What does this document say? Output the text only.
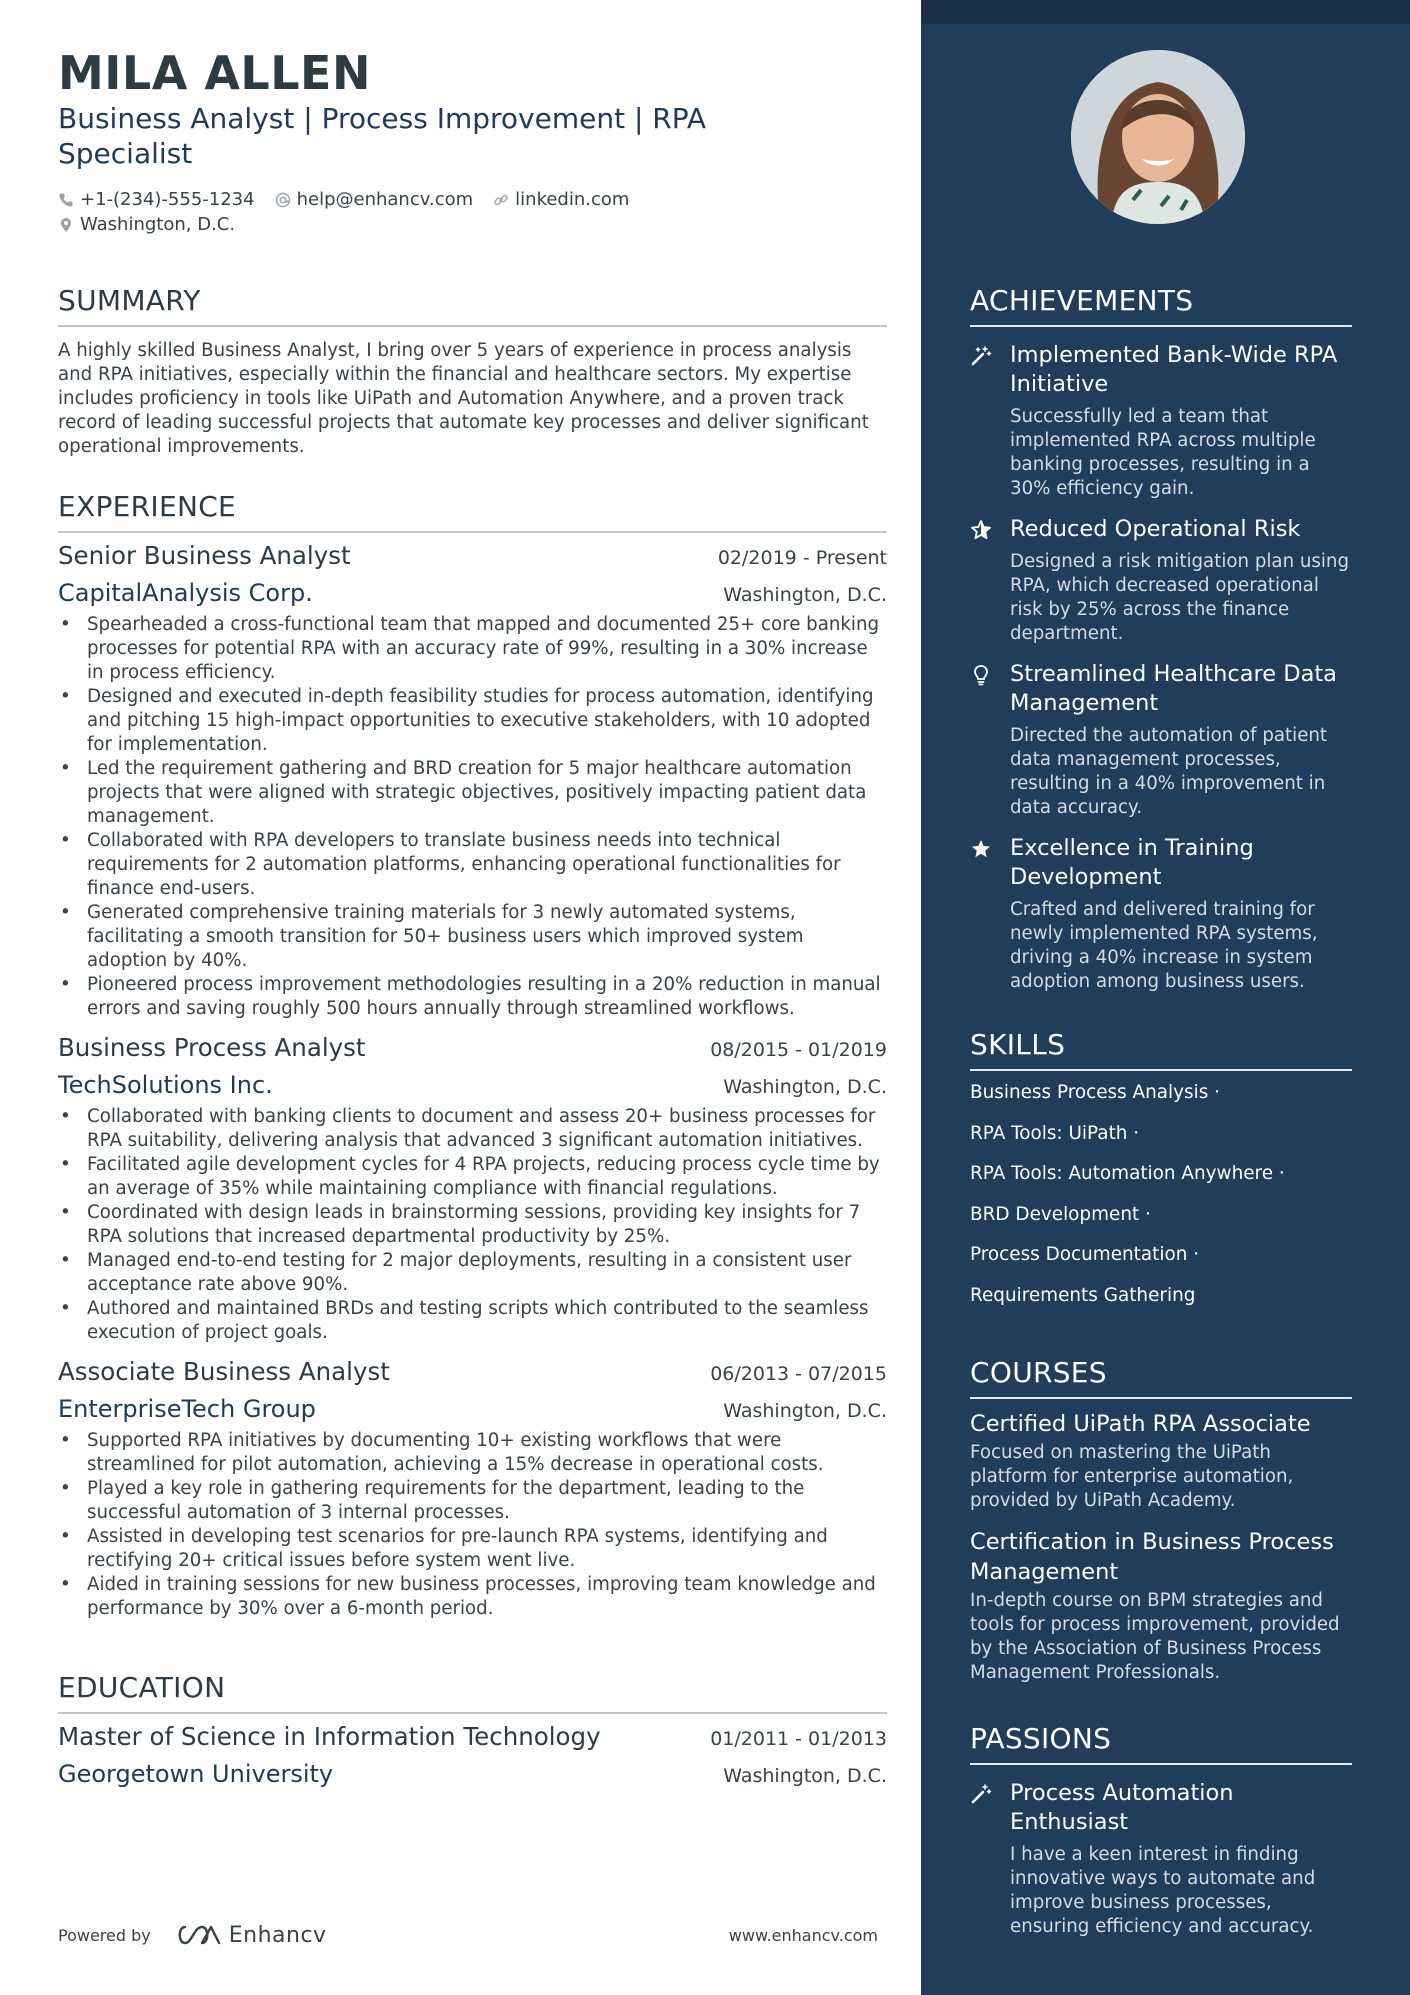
MILA ALLEN
Business Analyst | Process Improvement | RPA
Specialist
+1-(234)-555-1234 help@enhancv.com linkedin.com
Washington, D.C.
SUMMARY
A highly skilled Business Analyst, I bring over 5 years of experience in process analysis and RPA initiatives, especially within the financial and healthcare sectors. My expertise includes proficiency in tools like UiPath and Automation Anywhere, and a proven track record of leading successful projects that automate key processes and deliver significant operational improvements.
EXPERIENCE
Senior Business Analyst	02/2019 - Present
CapitalAnalysis Corp.	Washington, D.C.
• Spearheaded a cross-functional team that mapped and documented 25+ core banking processes for potential RPA with an accuracy rate of 99%, resulting in a 30% increase in process efficiency.
• Designed and executed in-depth feasibility studies for process automation, identifying and pitching 15 high-impact opportunities to executive stakeholders, with 10 adopted for implementation.
• Led the requirement gathering and BRD creation for 5 major healthcare automation projects that were aligned with strategic objectives, positively impacting patient data management.
• Collaborated with RPA developers to translate business needs into technical requirements for 2 automation platforms, enhancing operational functionalities for finance end-users.
• Generated comprehensive training materials for 3 newly automated systems, facilitating a smooth transition for 50+ business users which improved system adoption by 40%.
• Pioneered process improvement methodologies resulting in a 20% reduction in manual errors and saving roughly 500 hours annually through streamlined workflows.
Business Process Analyst	08/2015 - 01/2019
TechSolutions Inc.	Washington, D.C.
• Collaborated with banking clients to document and assess 20+ business processes for RPA suitability, delivering analysis that advanced 3 significant automation initiatives.
• Facilitated agile development cycles for 4 RPA projects, reducing process cycle time by an average of 35% while maintaining compliance with financial regulations.
• Coordinated with design leads in brainstorming sessions, providing key insights for 7 RPA solutions that increased departmental productivity by 25%.
• Managed end-to-end testing for 2 major deployments, resulting in a consistent user acceptance rate above 90%.
• Authored and maintained BRDs and testing scripts which contributed to the seamless execution of project goals.
Associate Business Analyst	06/2013 - 07/2015
EnterpriseTech Group	Washington, D.C.
• Supported RPA initiatives by documenting 10+ existing workflows that were streamlined for pilot automation, achieving a 15% decrease in operational costs.
• Played a key role in gathering requirements for the department, leading to the successful automation of 3 internal processes.
• Assisted in developing test scenarios for pre-launch RPA systems, identifying and rectifying 20+ critical issues before system went live.
• Aided in training sessions for new business processes, improving team knowledge and performance by 30% over a 6-month period.
EDUCATION
Master of Science in Information Technology	01/2011 - 01/2013
Georgetown University	Washington, D.C.
Powered by	Enhancv	www.enhancv.com
ACHIEVEMENTS
Implemented Bank-Wide RPA Initiative
Successfully led a team that implemented RPA across multiple banking processes, resulting in a 30% efficiency gain.
Reduced Operational Risk
Designed a risk mitigation plan using RPA, which decreased operational risk by 25% across the finance department.
Streamlined Healthcare Data Management
Directed the automation of patient data management processes, resulting in a 40% improvement in data accuracy.
Excellence in Training Development
Crafted and delivered training for newly implemented RPA systems, driving a 40% increase in system adoption among business users.
SKILLS
Business Process Analysis ·
RPA Tools: UiPath ·
RPA Tools: Automation Anywhere ·
BRD Development ·
Process Documentation ·
Requirements Gathering
COURSES
Certified UiPath RPA Associate
Focused on mastering the UiPath platform for enterprise automation, provided by UiPath Academy.
Certification in Business Process Management
In-depth course on BPM strategies and tools for process improvement, provided by the Association of Business Process Management Professionals.
PASSIONS
Process Automation Enthusiast
I have a keen interest in finding innovative ways to automate and improve business processes, ensuring efficiency and accuracy.
